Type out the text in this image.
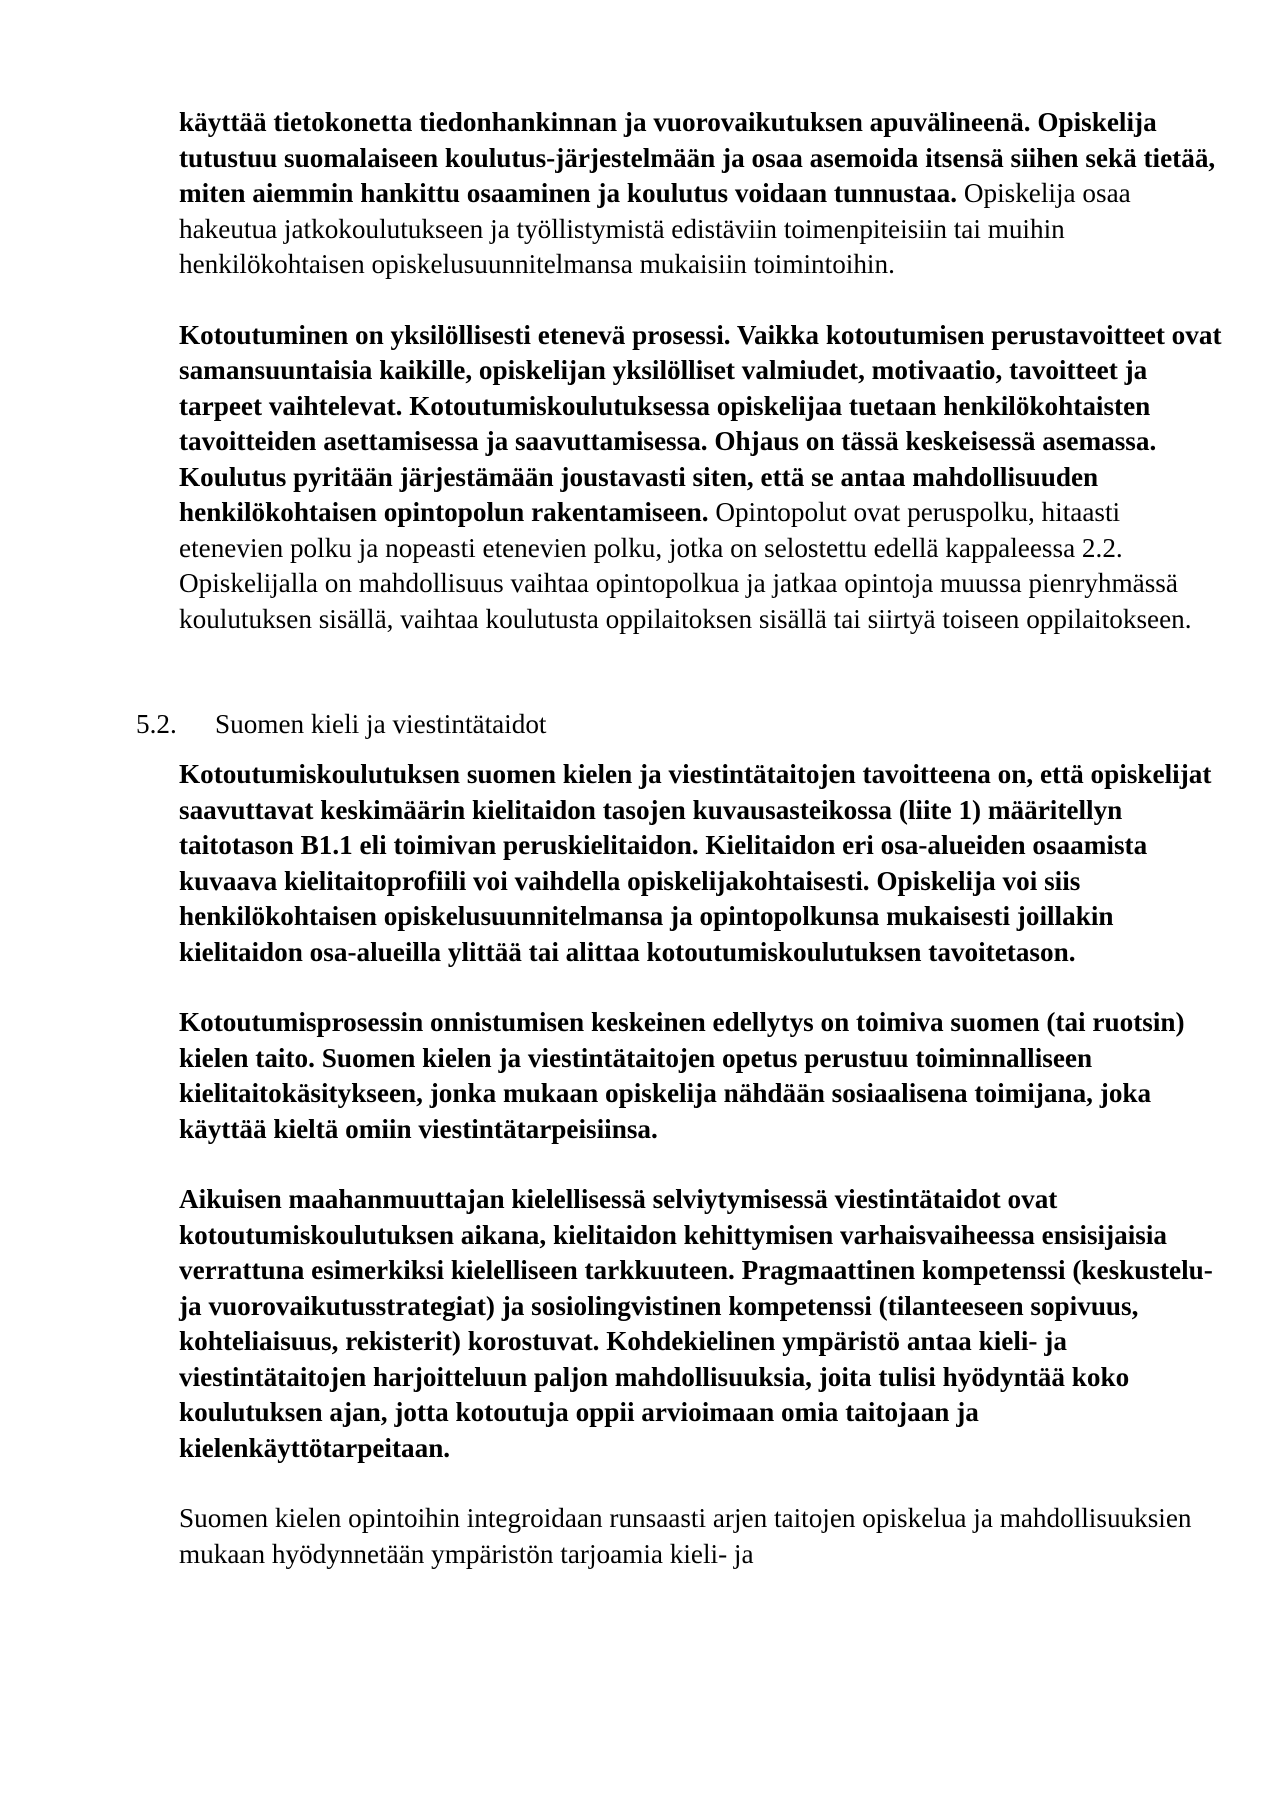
käyttää tietokonetta tiedonhankinnan ja vuorovaikutuksen apuvälineenä. Opiskelija tutustuu suomalaiseen koulutus-järjestelmään ja osaa asemoida itsensä siihen sekä tietää, miten aiemmin hankittu osaaminen ja koulutus voidaan tunnustaa. Opiskelija osaa hakeutua jatkokoulutukseen ja työllistymistä edistäviin toimenpiteisiin tai muihin henkilökohtaisen opiskelusuunnitelmansa mukaisiin toimintoihin.

Kotoutuminen on yksilöllisesti etenevä prosessi. Vaikka kotoutumisen perustavoitteet ovat samansuuntaisia kaikille, opiskelijan yksilölliset valmiudet, motivaatio, tavoitteet ja tarpeet vaihtelevat. Kotoutumiskoulutuksessa opiskelijaa tuetaan henkilökohtaisten tavoitteiden asettamisessa ja saavuttamisessa. Ohjaus on tässä keskeisessä asemassa. Koulutus pyritään järjestämään joustavasti siten, että se antaa mahdollisuuden henkilökohtaisen opintopolun rakentamiseen. Opintopolut ovat peruspolku, hitaasti etenevien polku ja nopeasti etenevien polku, jotka on selostettu edellä kappaleessa 2.2. Opiskelijalla on mahdollisuus vaihtaa opintopolkua ja jatkaa opintoja muussa pienryhmässä koulutuksen sisällä, vaihtaa koulutusta oppilaitoksen sisällä tai siirtyä toiseen oppilaitokseen.

5.2. Suomen kieli ja viestintätaidot

Kotoutumiskoulutuksen suomen kielen ja viestintätaitojen tavoitteena on, että opiskelijat saavuttavat keskimäärin kielitaidon tasojen kuvausasteikossa (liite 1) määritellyn taitotason B1.1 eli toimivan peruskielitaidon. Kielitaidon eri osa-alueiden osaamista kuvaava kielitaitoprofiili voi vaihdella opiskelijakohtaisesti. Opiskelija voi siis henkilökohtaisen opiskelusuunnitelmansa ja opintopolkunsa mukaisesti joillakin kielitaidon osa-alueilla ylittää tai alittaa kotoutumiskoulutuksen tavoitetason.

Kotoutumisprosessin onnistumisen keskeinen edellytys on toimiva suomen (tai ruotsin) kielen taito. Suomen kielen ja viestintätaitojen opetus perustuu toiminnalliseen kielitaitokäsitykseen, jonka mukaan opiskelija nähdään sosiaalisena toimijana, joka käyttää kieltä omiin viestintätarpeisiinsa.

Aikuisen maahanmuuttajan kielellisessä selviytymisessä viestintätaidot ovat kotoutumiskoulutuksen aikana, kielitaidon kehittymisen varhaisvaiheessa ensisijaisia verrattuna esimerkiksi kielelliseen tarkkuuteen. Pragmaattinen kompetenssi (keskustelu- ja vuorovaikutusstrategiat) ja sosiolingvistinen kompetenssi (tilanteeseen sopivuus, kohteliaisuus, rekisterit) korostuvat. Kohdekielinen ympäristö antaa kieli- ja viestintätaitojen harjoitteluun paljon mahdollisuuksia, joita tulisi hyödyntää koko koulutuksen ajan, jotta kotoutuja oppii arvioimaan omia taitojaan ja kielenkäyttötarpeitaan.

Suomen kielen opintoihin integroidaan runsaasti arjen taitojen opiskelua ja mahdollisuuksien mukaan hyödynnetään ympäristön tarjoamia kieli- ja
